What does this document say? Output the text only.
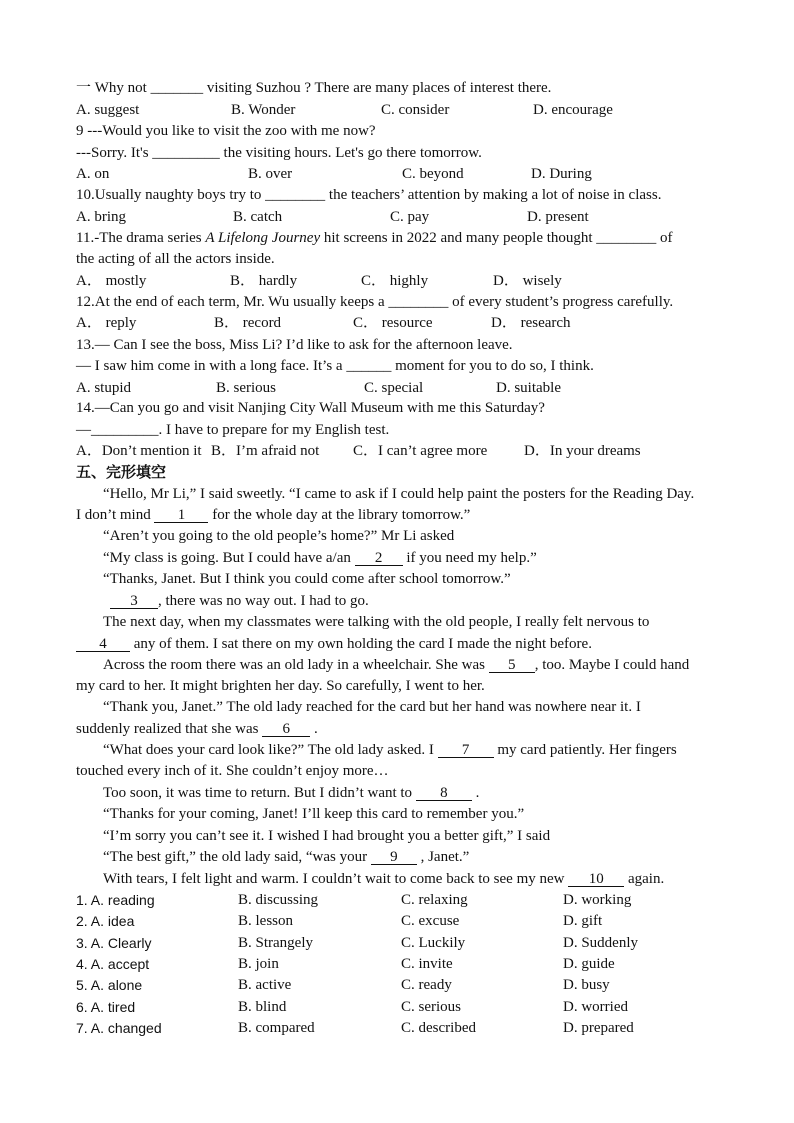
一 Why not _______ visiting Suzhou ? There are many places of interest there.
A. suggest	B. Wonder	C. consider	D. encourage
9 ---Would you like to visit the zoo with me now?
---Sorry. It's _________ the visiting hours. Let's go there tomorrow.
A. on	B. over	C. beyond	D. During
10.Usually naughty boys try to ________ the teachers’ attention by making a lot of noise in class.
A. bring	B. catch	C. pay	D. present
11.-The drama series A Lifelong Journey hit screens in 2022 and many people thought ________ of
the acting of all the actors inside.
A． mostly	B． hardly	C． highly	D． wisely
12.At the end of each term, Mr. Wu usually keeps a ________ of every student’s progress carefully.
A． reply	B． record	C． resource	D． research
13.— Can I see the boss, Miss Li? I’d like to ask for the afternoon leave.
— I saw him come in with a long face. It’s a ______ moment for you to do so, I think.
A. stupid	B. serious	C. special	D. suitable
14.—Can you go and visit Nanjing City Wall Museum with me this Saturday?
—_________. I have to prepare for my English test.
A．Don’t mention it B．I’m afraid not C．I can’t agree more D．In your dreams
五、完形填空
“Hello, Mr Li,” I said sweetly. “I came to ask if I could help paint the posters for the Reading Day.
I don’t mind 1 for the whole day at the library tomorrow.”
“Aren’t you going to the old people’s home?” Mr Li asked
“My class is going. But I could have a/an 2 if you need my help.”
“Thanks, Janet. But I think you could come after school tomorrow.”
3 , there was no way out. I had to go.
The next day, when my classmates were talking with the old people, I really felt nervous to
4 any of them. I sat there on my own holding the card I made the night before.
Across the room there was an old lady in a wheelchair. She was 5 , too. Maybe I could hand
my card to her. It might brighten her day. So carefully, I went to her.
“Thank you, Janet.” The old lady reached for the card but her hand was nowhere near it. I
suddenly realized that she was 6 .
“What does your card look like?” The old lady asked. I 7 my card patiently. Her fingers
touched every inch of it. She couldn’t enjoy more…
Too soon, it was time to return. But I didn’t want to 8 .
“Thanks for your coming, Janet! I’ll keep this card to remember you.”
“I’m sorry you can’t see it. I wished I had brought you a better gift,” I said
“The best gift,” the old lady said, “was your 9 , Janet.”
With tears, I felt light and warm. I couldn’t wait to come back to see my new 10 again.
1. A. reading	B. discussing	C. relaxing	D. working
2. A. idea	B. lesson	C. excuse	D. gift
3. A. Clearly	B. Strangely	C. Luckily	D. Suddenly
4. A. accept	B. join	C. invite	D. guide
5. A. alone	B. active	C. ready	D. busy
6. A. tired	B. blind	C. serious	D. worried
7. A. changed	B. compared	C. described	D. prepared
